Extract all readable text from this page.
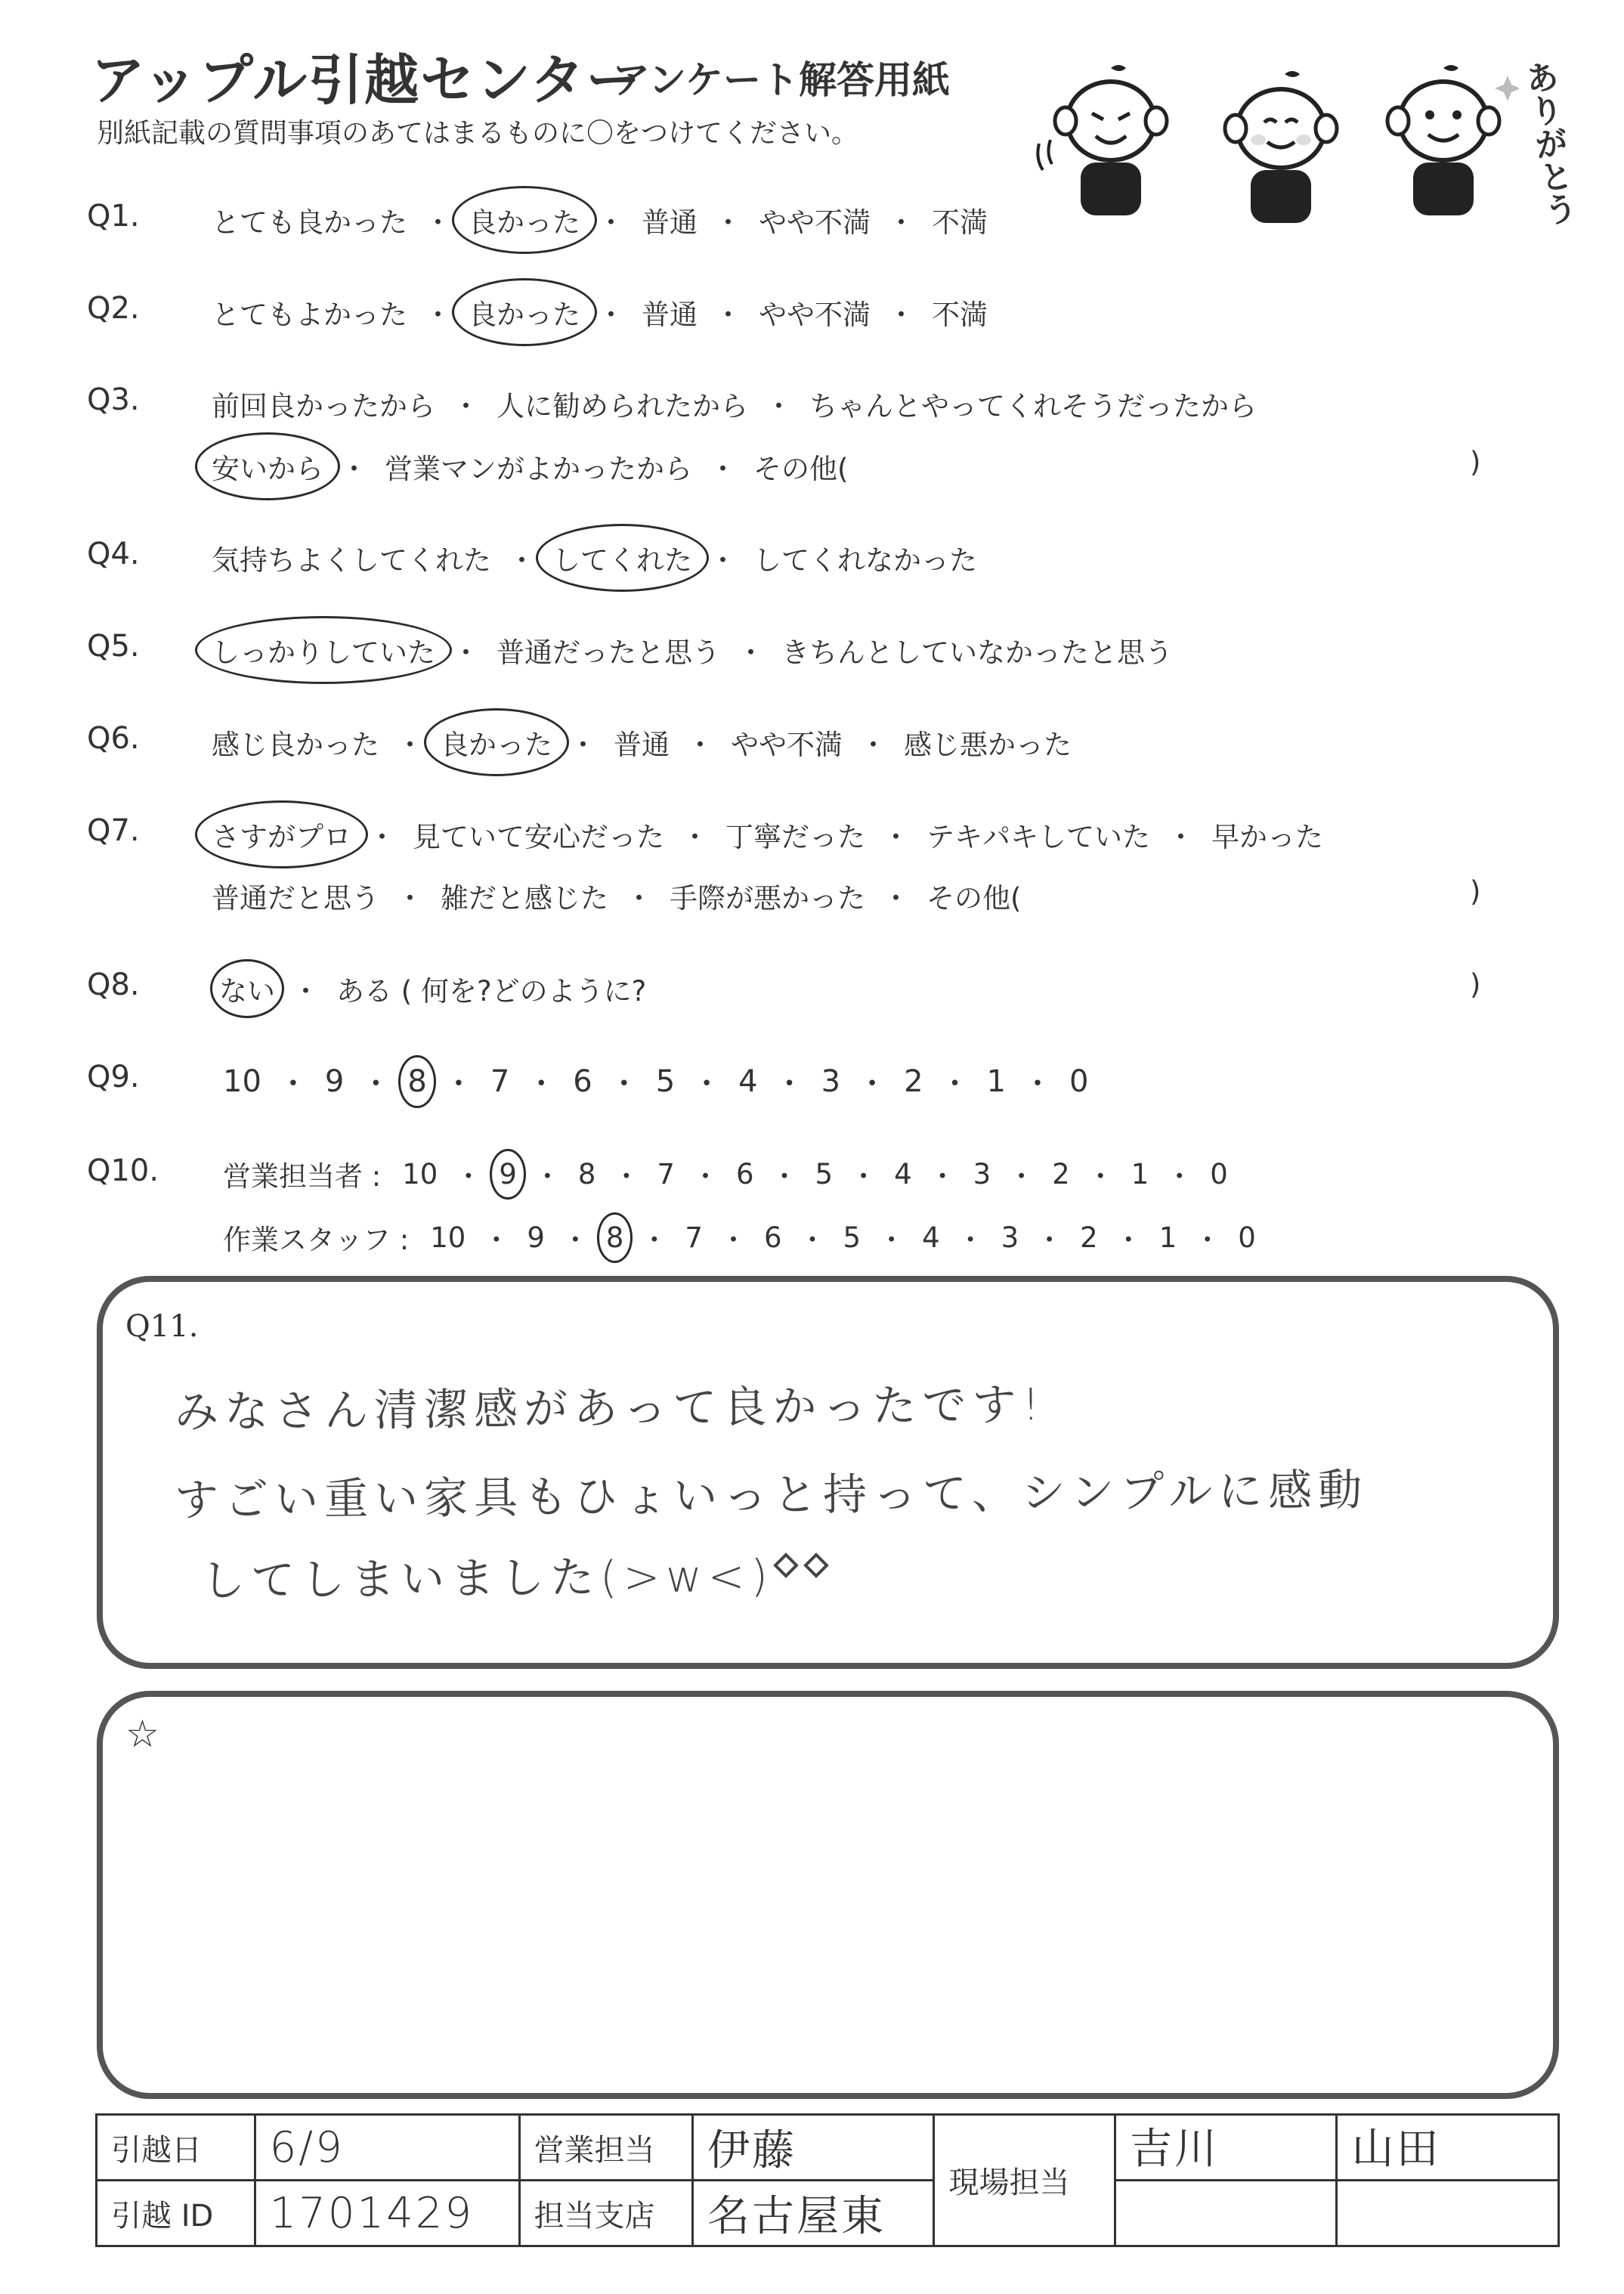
アップル引越センター
アンケート解答用紙
別紙記載の質問事項のあてはまるものに〇をつけてください。	ありがとう
Q1.	とても良かった ・ 良かった ・ 普通 ・ やや不満 ・ 不満
Q2.	とてもよかった ・ 良かった ・ 普通 ・ やや不満 ・ 不満
Q3.	前回良かったから ・ 人に勧められたから ・ ちゃんとやってくれそうだったから
安いから ・ 営業マンがよかったから ・ その他(	)
Q4.	気持ちよくしてくれた ・ してくれた ・ してくれなかった
Q5.	しっかりしていた ・ 普通だったと思う ・ きちんとしていなかったと思う
Q6.	感じ良かった ・ 良かった ・ 普通 ・ やや不満 ・ 感じ悪かった
Q7.	さすがプロ ・ 見ていて安心だった ・ 丁寧だった ・ テキパキしていた ・ 早かった
普通だと思う ・ 雑だと感じた ・ 手際が悪かった ・ その他(	)
Q8.	ない ・ ある ( 何を?どのように?	)
Q9.	10 ・ 9 ・ 8 ・ 7 ・ 6 ・ 5 ・ 4 ・ 3 ・ 2 ・ 1 ・ 0
Q10. 営業担当者 : 10 ・ 9 ・ 8 ・ 7 ・ 6 ・ 5 ・ 4 ・ 3 ・ 2 ・ 1 ・ 0
作業スタッフ : 10 ・ 9 ・ 8 ・ 7 ・ 6 ・ 5 ・ 4 ・ 3 ・ 2 ・ 1 ・ 0
Q11.
みなさん清潔感があって良かったです!
すごい重い家具もひょいっと持って、シンプルに感動
してしまいました(>w<)
☆
引越日	6/9	営業担当	伊藤	現場担当	吉川	山田
引越 ID	1701429	担当支店	名古屋東			
